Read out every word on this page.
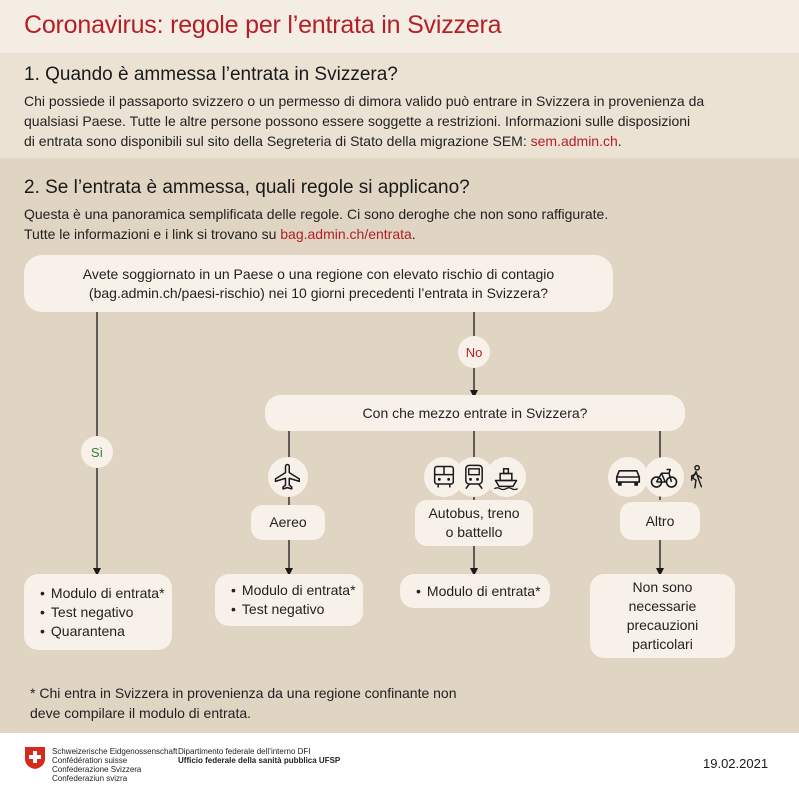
Coronavirus: regole per l’entrata in Svizzera
1. Quando è ammessa l’entrata in Svizzera?
Chi possiede il passaporto svizzero o un permesso di dimora valido può entrare in Svizzera in provenienza da
qualsiasi Paese. Tutte le altre persone possono essere soggette a restrizioni. Informazioni sulle disposizioni
di entrata sono disponibili sul sito della Segreteria di Stato della migrazione SEM: sem.admin.ch.
2. Se l’entrata è ammessa, quali regole si applicano?
Questa è una panoramica semplificata delle regole. Ci sono deroghe che non sono raffigurate.
Tutte le informazioni e i link si trovano su bag.admin.ch/entrata.
Avete soggiornato in un Paese o una regione con elevato rischio di contagio
(bag.admin.ch/paesi-rischio) nei 10 giorni precedenti l’entrata in Svizzera?
No
Sì
Con che mezzo entrate in Svizzera?
Aereo
Autobus, treno
o battello
Altro
• Modulo di entrata*
• Test negativo
• Quarantena
• Modulo di entrata*
• Test negativo
• Modulo di entrata*	Non sono
necessarie
precauzioni
particolari
* Chi entra in Svizzera in provenienza da una regione confinante non
deve compilare il modulo di entrata.
Schweizerische Eidgenossenschaft
Confédération suisse
Confederazione Svizzera
Confederaziun svizra
Dipartimento federale dell’interno DFI
Ufficio federale della sanità pubblica UFSP	19.02.2021
